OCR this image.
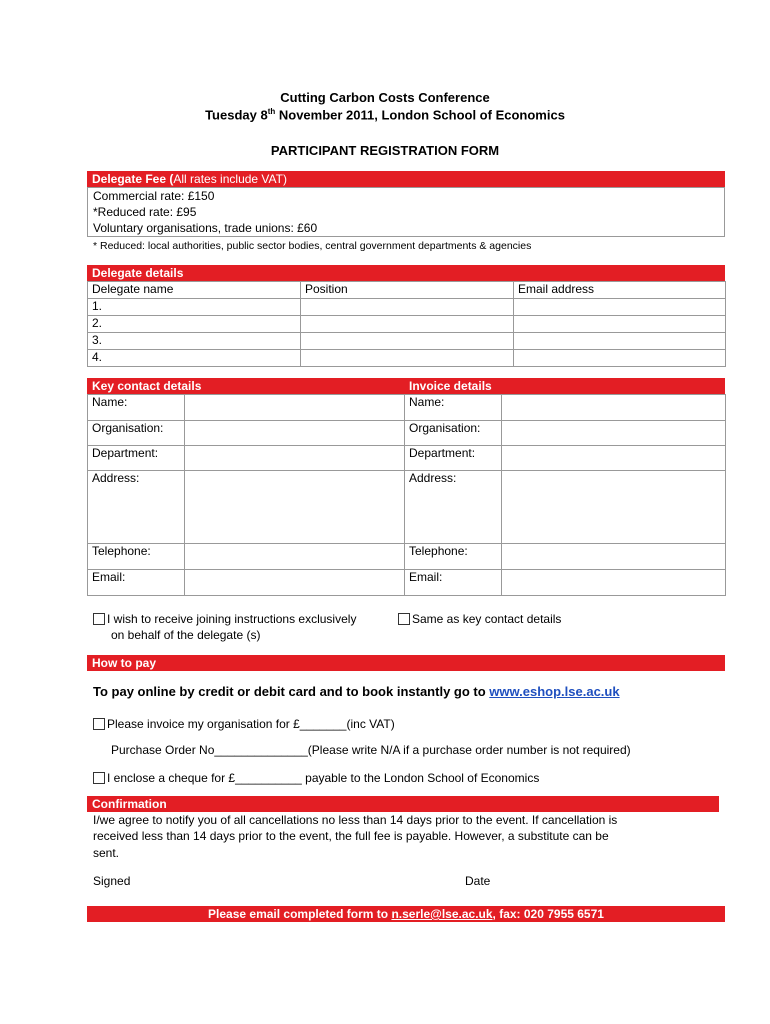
Cutting Carbon Costs Conference
Tuesday 8th November 2011, London School of Economics
PARTICIPANT REGISTRATION FORM
Delegate Fee (All rates include VAT)
Commercial rate: £150
*Reduced rate: £95
Voluntary organisations, trade unions: £60
* Reduced: local authorities, public sector bodies, central government departments & agencies
Delegate details
Delegate name	Position	Email address
1.		
2.		
3.		
4.		
Key contact details	Invoice details
Name:		Name:	
Organisation:		Organisation:	
Department:		Department:	
Address:		Address:	
Telephone:		Telephone:	
Email:		Email:	
I wish to receive joining instructions exclusively
on behalf of the delegate (s)
Same as key contact details
How to pay
To pay online by credit or debit card and to book instantly go to www.eshop.lse.ac.uk
Please invoice my organisation for £_______(inc VAT)
Purchase Order No______________(Please write N/A if a purchase order number is not required)
I enclose a cheque for £__________ payable to the London School of Economics
Confirmation
I/we agree to notify you of all cancellations no less than 14 days prior to the event. If cancellation is
received less than 14 days prior to the event, the full fee is payable. However, a substitute can be
sent.
Signed	Date
Please email completed form to n.serle@lse.ac.uk, fax: 020 7955 6571
